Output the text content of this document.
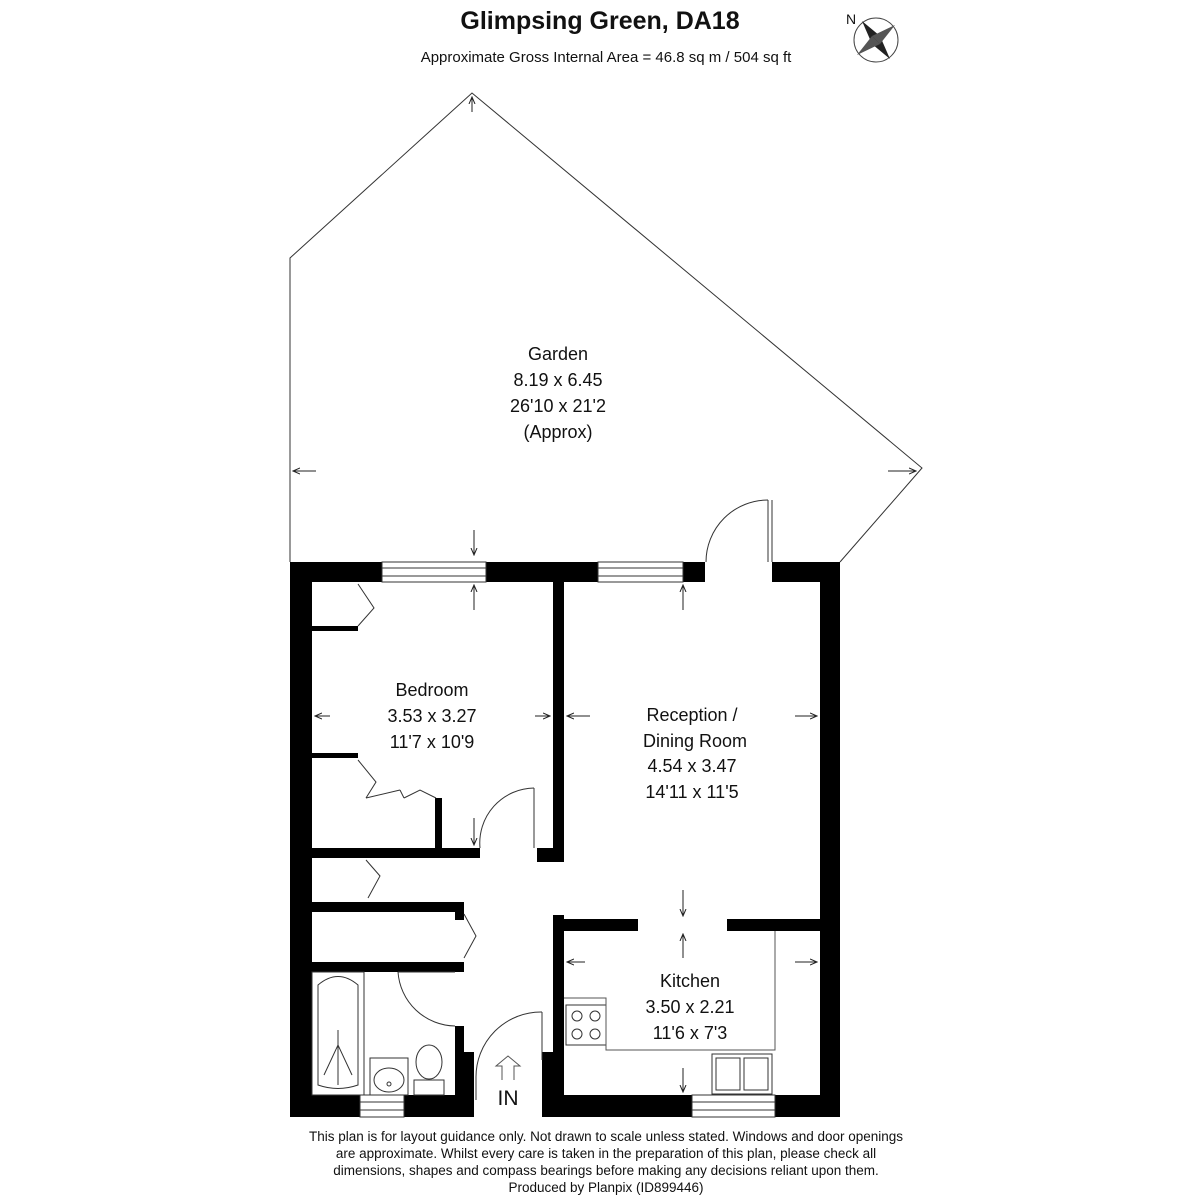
Glimpsing Green, DA18
Approximate Gross Internal Area = 46.8 sq m / 504 sq ft
N
Garden
8.19 x 6.45
26'10 x 21'2
(Approx)
Bedroom
3.53 x 3.27
11'7 x 10'9
Reception /
Dining Room
4.54 x 3.47
14'11 x 11'5
Kitchen
3.50 x 2.21
11'6 x 7'3
IN
This plan is for layout guidance only. Not drawn to scale unless stated. Windows and door openings
are approximate. Whilst every care is taken in the preparation of this plan, please check all
dimensions, shapes and compass bearings before making any decisions reliant upon them.
Produced by Planpix (ID899446)
